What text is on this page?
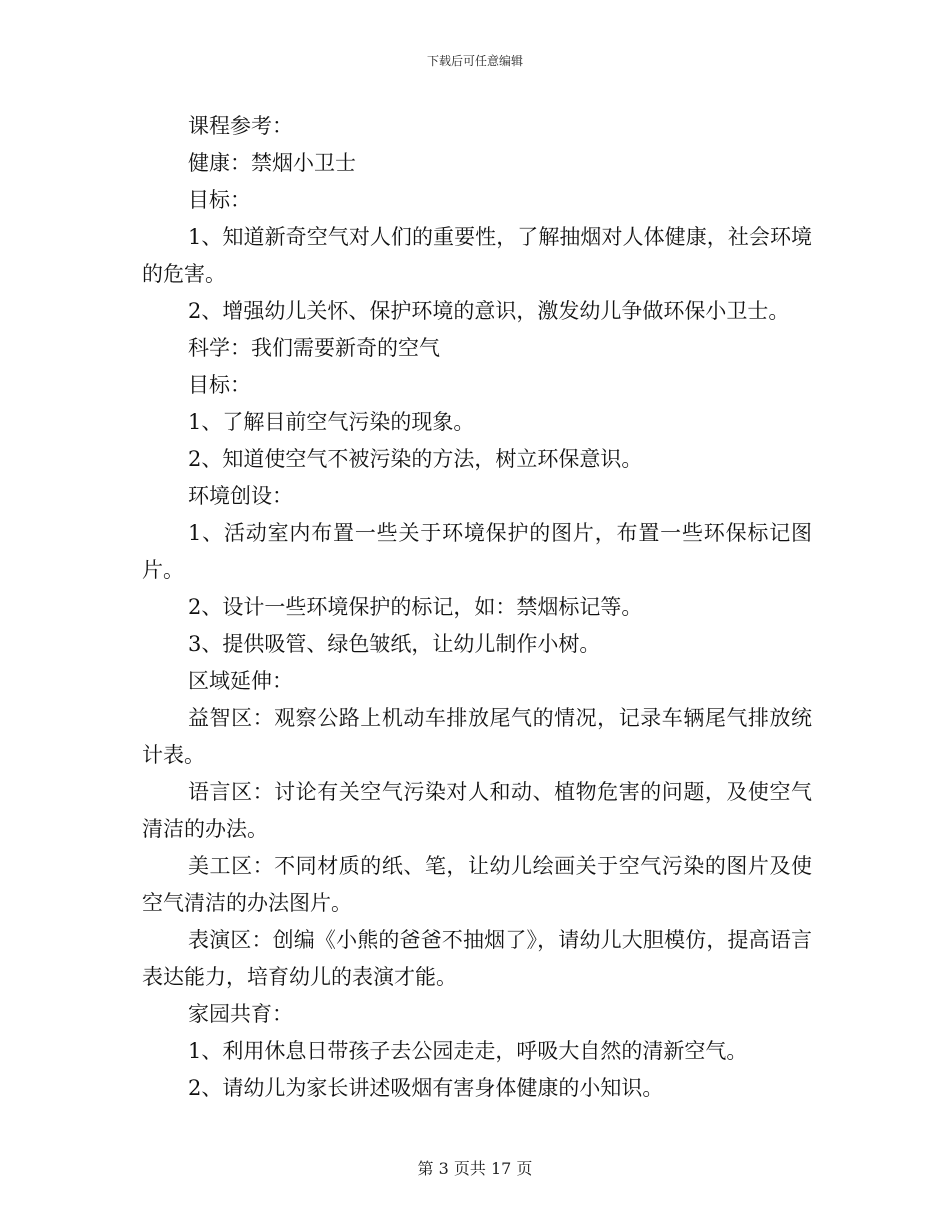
下载后可任意编辑

课程参考：

健康：禁烟小卫士

目标：

1、知道新奇空气对人们的重要性，了解抽烟对人体健康，社会环境的危害。

2、增强幼儿关怀、保护环境的意识，激发幼儿争做环保小卫士。

科学：我们需要新奇的空气

目标：

1、了解目前空气污染的现象。

2、知道使空气不被污染的方法，树立环保意识。

环境创设：

1、活动室内布置一些关于环境保护的图片，布置一些环保标记图片。

2、设计一些环境保护的标记，如：禁烟标记等。

3、提供吸管、绿色皱纸，让幼儿制作小树。

区域延伸：

益智区：观察公路上机动车排放尾气的情况，记录车辆尾气排放统计表。

语言区：讨论有关空气污染对人和动、植物危害的问题，及使空气清洁的办法。

美工区：不同材质的纸、笔，让幼儿绘画关于空气污染的图片及使空气清洁的办法图片。

表演区：创编《小熊的爸爸不抽烟了》，请幼儿大胆模仿，提高语言表达能力，培育幼儿的表演才能。

家园共育：

1、利用休息日带孩子去公园走走，呼吸大自然的清新空气。

2、请幼儿为家长讲述吸烟有害身体健康的小知识。

第 3 页共 17 页
